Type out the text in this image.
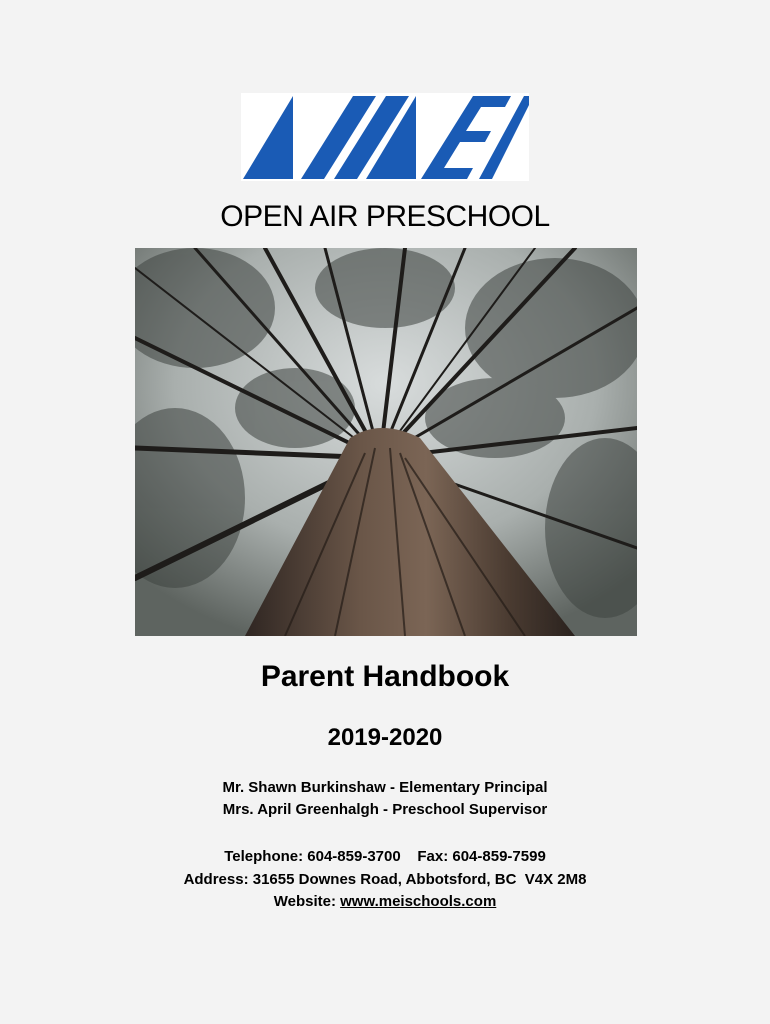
OPEN AIR PRESCHOOL
Parent Handbook
2019-2020
Mr. Shawn Burkinshaw - Elementary Principal
Mrs. April Greenhalgh - Preschool Supervisor
Telephone: 604-859-3700    Fax: 604-859-7599
Address: 31655 Downes Road, Abbotsford, BC  V4X 2M8
Website: www.meischools.com
